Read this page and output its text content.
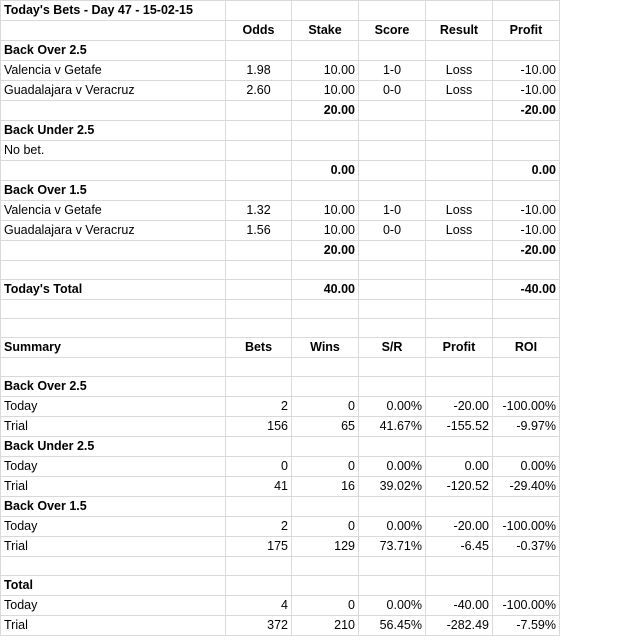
Today's Bets - Day 47 - 15-02-15					
	Odds	Stake	Score	Result	Profit
Back Over 2.5					
Valencia v Getafe	1.98	10.00	1-0	Loss	-10.00
Guadalajara v Veracruz	2.60	10.00	0-0	Loss	-10.00
		20.00			-20.00
Back Under 2.5					
No bet.					
		0.00			0.00
Back Over 1.5					
Valencia v Getafe	1.32	10.00	1-0	Loss	-10.00
Guadalajara v Veracruz	1.56	10.00	0-0	Loss	-10.00
		20.00			-20.00

Today's Total		40.00			-40.00

Summary	Bets	Wins	S/R	Profit	ROI

Back Over 2.5					
Today	2	0	0.00%	-20.00	-100.00%
Trial	156	65	41.67%	-155.52	-9.97%
Back Under 2.5					
Today	0	0	0.00%	0.00	0.00%
Trial	41	16	39.02%	-120.52	-29.40%
Back Over 1.5					
Today	2	0	0.00%	-20.00	-100.00%
Trial	175	129	73.71%	-6.45	-0.37%

Total					
Today	4	0	0.00%	-40.00	-100.00%
Trial	372	210	56.45%	-282.49	-7.59%
